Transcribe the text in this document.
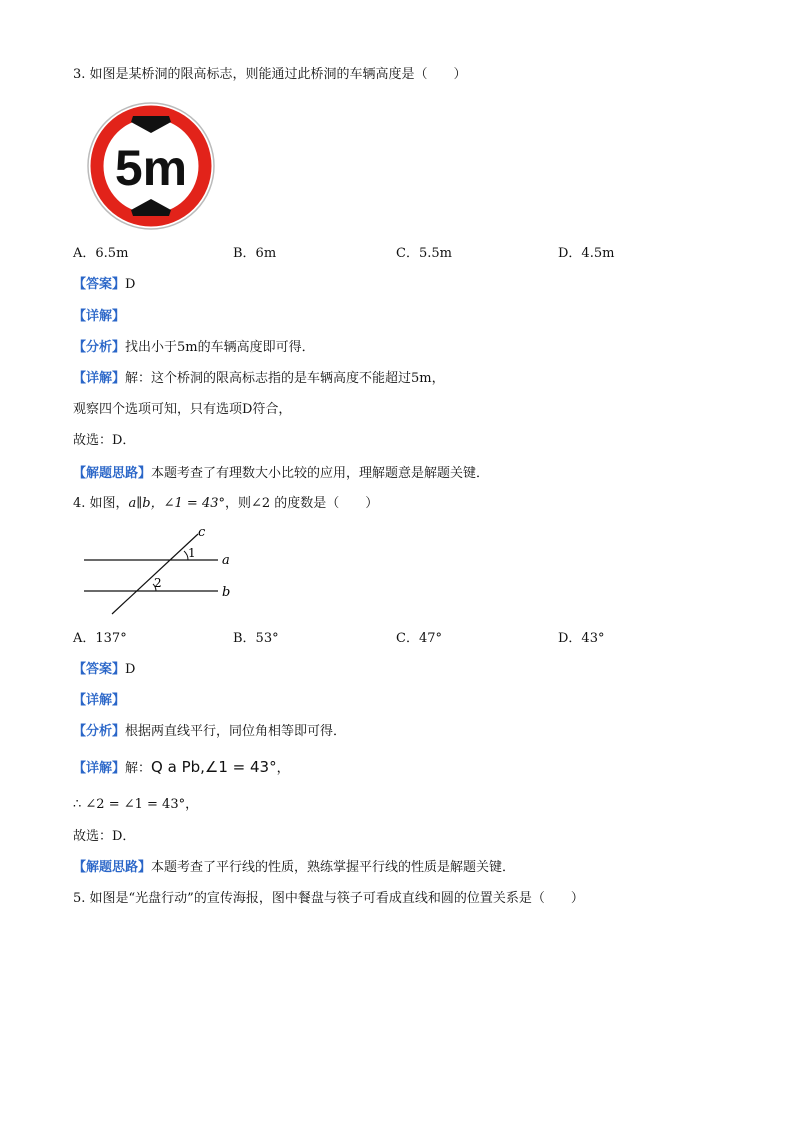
3. 如图是某桥洞的限高标志，则能通过此桥洞的车辆高度是（　　）
5m
A．6.5m	B．6m	C．5.5m	D．4.5m
【答案】D
【详解】
【分析】找出小于5m的车辆高度即可得．
【详解】解：这个桥洞的限高标志指的是车辆高度不能超过5m，
观察四个选项可知，只有选项D符合，
故选：D．
【解题思路】本题考查了有理数大小比较的应用，理解题意是解题关键．
4. 如图，a∥b，∠1 = 43°，则∠2 的度数是（　　）
c
1 a
2
b
A．137°	B．53°	C．47°	D．43°
【答案】D
【详解】
【分析】根据两直线平行，同位角相等即可得．
【详解】解：Q a Pb,∠1 = 43°，
∴ ∠2 = ∠1 = 43°，
故选：D．
【解题思路】本题考查了平行线的性质，熟练掌握平行线的性质是解题关键．
5. 如图是“光盘行动”的宣传海报，图中餐盘与筷子可看成直线和圆的位置关系是（　　）
